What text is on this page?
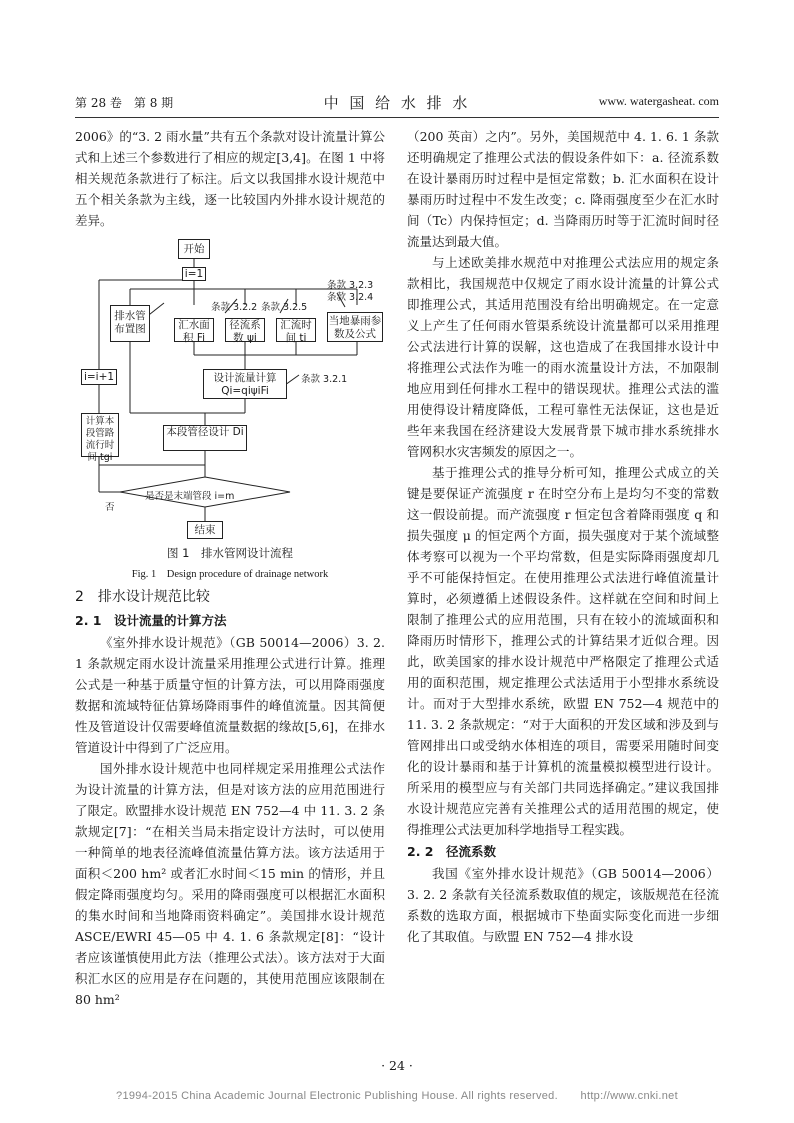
第 28 卷　第 8 期	中 国 给 水 排 水	www. watergasheat. com

2006》的“3. 2 雨水量”共有五个条款对设计流量计算公式和上述三个参数进行了相应的规定[3,4]。在图 1 中将相关规范条款进行了标注。后文以我国排水设计规范中五个相关条款为主线，逐一比较国内外排水设计规范的差异。

开始
i=1
i=i+1
条款 3.2.2 条款 3.2.5
条款 3.2.3
条款 3.2.4
排水管布置图	汇水面积 Fi
径流系数 ψi
汇流时间 ti
当地暴雨参数及公式
设计流量计算 Qi=qiψiFi
条款 3.2.1
本段管径设计 Di
计算本段管路流行时间 tgi
是否是末端管段 i=m
否
结束
图 1　排水管网设计流程
Fig. 1　Design procedure of drainage network
2　排水设计规范比较
2. 1　设计流量的计算方法

《室外排水设计规范》（GB 50014—2006）3. 2. 1 条款规定雨水设计流量采用推理公式进行计算。推理公式是一种基于质量守恒的计算方法，可以用降雨强度数据和流域特征估算场降雨事件的峰值流量。因其简便性及管道设计仅需要峰值流量数据的缘故[5,6]，在排水管道设计中得到了广泛应用。

国外排水设计规范中也同样规定采用推理公式法作为设计流量的计算方法，但是对该方法的应用范围进行了限定。欧盟排水设计规范 EN 752—4 中 11. 3. 2 条款规定[7]：“在相关当局未指定设计方法时，可以使用一种简单的地表径流峰值流量估算方法。该方法适用于面积＜200 hm² 或者汇水时间＜15 min 的情形，并且假定降雨强度均匀。采用的降雨强度可以根据汇水面积的集水时间和当地降雨资料确定”。美国排水设计规范 ASCE/EWRI 45—05 中 4. 1. 6 条款规定[8]：“设计者应该谨慎使用此方法（推理公式法）。该方法对于大面积汇水区的应用是存在问题的，其使用范围应该限制在 80 hm²

（200 英亩）之内”。另外，美国规范中 4. 1. 6. 1 条款还明确规定了推理公式法的假设条件如下：a. 径流系数在设计暴雨历时过程中是恒定常数；b. 汇水面积在设计暴雨历时过程中不发生改变；c. 降雨强度至少在汇水时间（Tc）内保持恒定；d. 当降雨历时等于汇流时间时径流量达到最大值。

与上述欧美排水规范中对推理公式法应用的规定条款相比，我国规范中仅规定了雨水设计流量的计算公式即推理公式，其适用范围没有给出明确规定。在一定意义上产生了任何雨水管渠系统设计流量都可以采用推理公式法进行计算的误解，这也造成了在我国排水设计中将推理公式法作为唯一的雨水流量设计方法，不加限制地应用到任何排水工程中的错误现状。推理公式法的滥用使得设计精度降低，工程可靠性无法保证，这也是近些年来我国在经济建设大发展背景下城市排水系统排水管网积水灾害频发的原因之一。

基于推理公式的推导分析可知，推理公式成立的关键是要保证产流强度 r 在时空分布上是均匀不变的常数这一假设前提。而产流强度 r 恒定包含着降雨强度 q 和损失强度 μ 的恒定两个方面，损失强度对于某个流域整体考察可以视为一个平均常数，但是实际降雨强度却几乎不可能保持恒定。在使用推理公式法进行峰值流量计算时，必须遵循上述假设条件。这样就在空间和时间上限制了推理公式的应用范围，只有在较小的流域面积和降雨历时情形下，推理公式的计算结果才近似合理。因此，欧美国家的排水设计规范中严格限定了推理公式适用的面积范围，规定推理公式法适用于小型排水系统设计。而对于大型排水系统，欧盟 EN 752—4 规范中的 11. 3. 2 条款规定：“对于大面积的开发区域和涉及到与管网排出口或受纳水体相连的项目，需要采用随时间变化的设计暴雨和基于计算机的流量模拟模型进行设计。所采用的模型应与有关部门共同选择确定。”建议我国排水设计规范应完善有关推理公式的适用范围的规定，使得推理公式法更加科学地指导工程实践。

2. 2　径流系数

我国《室外排水设计规范》（GB 50014—2006）3. 2. 2 条款有关径流系数取值的规定，该版规范在径流系数的选取方面，根据城市下垫面实际变化而进一步细化了其取值。与欧盟 EN 752—4 排水设

· 24 ·
?1994-2015 China Academic Journal Electronic Publishing House. All rights reserved.　　http://www.cnki.net
